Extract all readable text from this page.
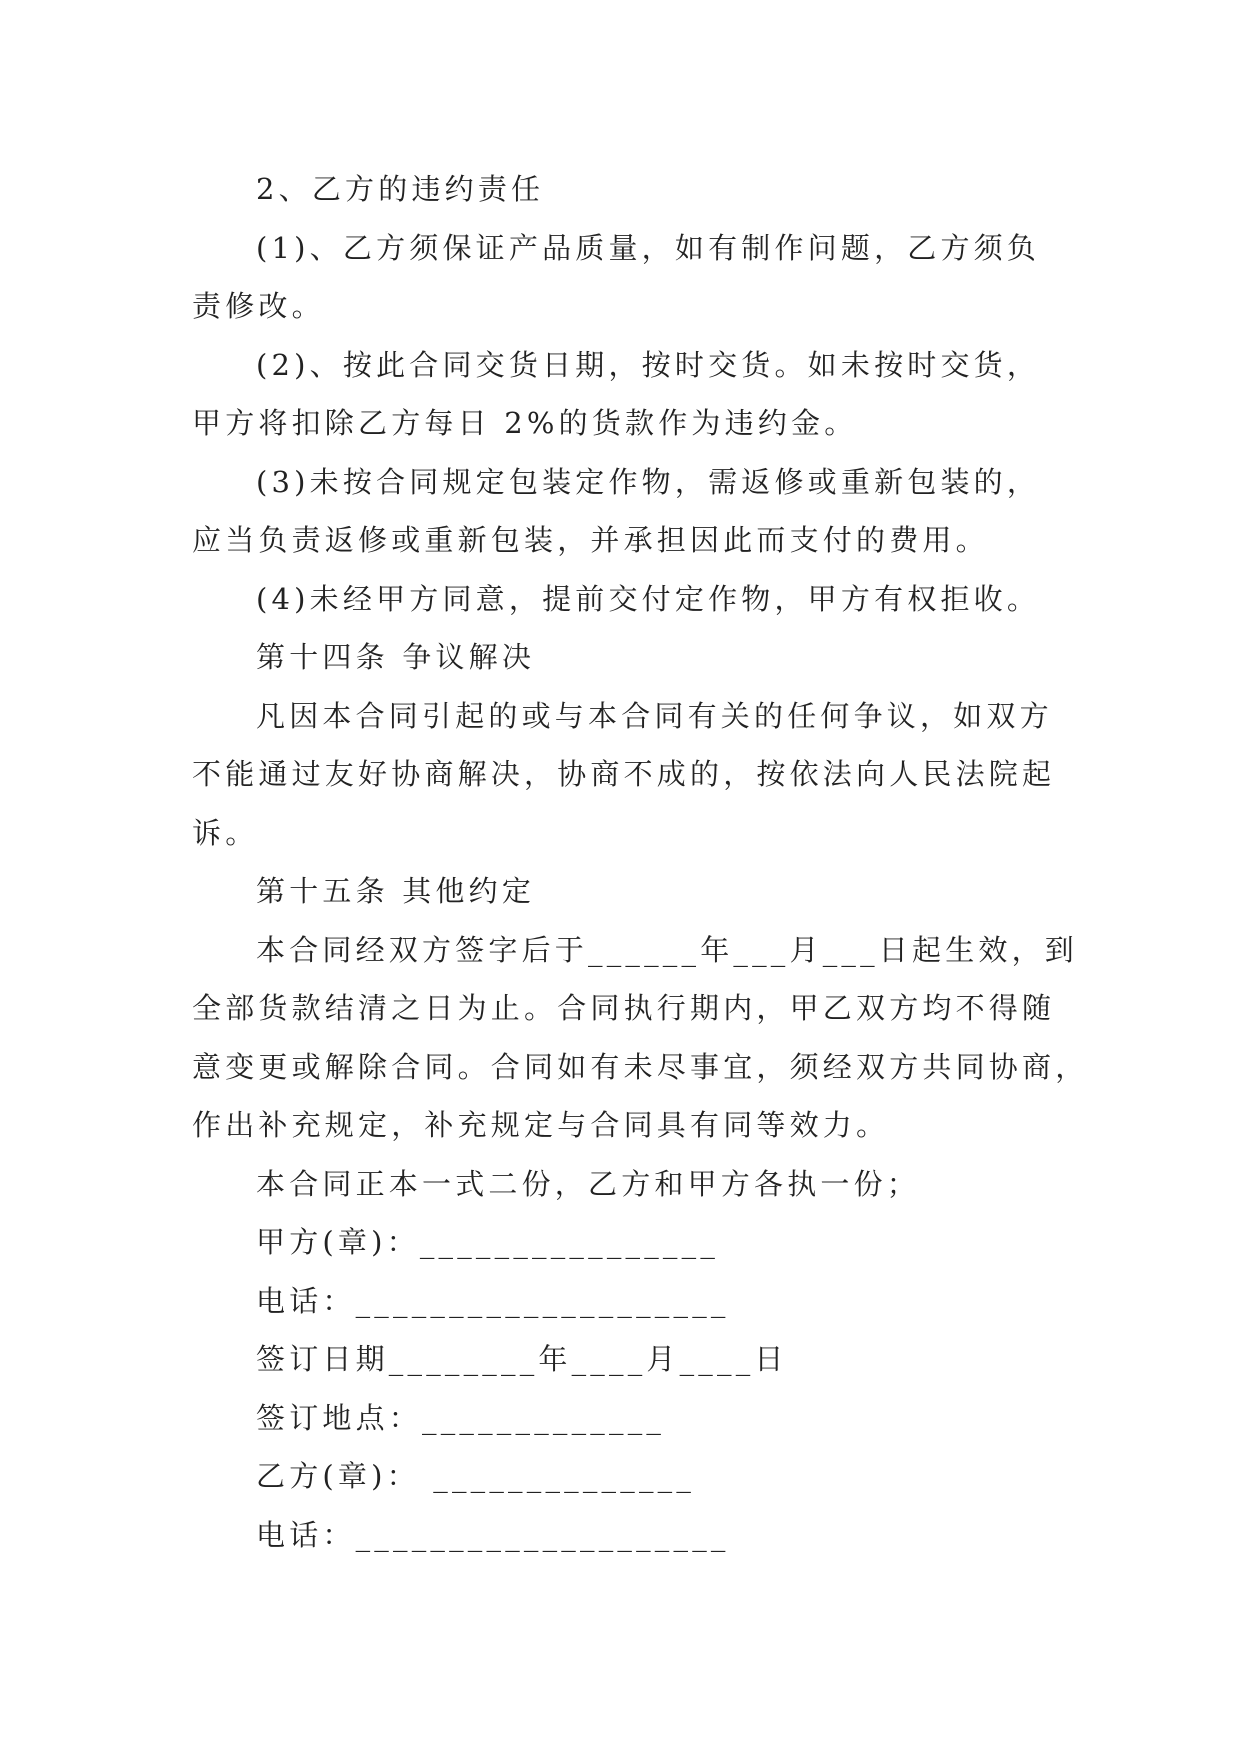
2、乙方的违约责任
(1)、乙方须保证产品质量，如有制作问题，乙方须负
责修改。
(2)、按此合同交货日期，按时交货。如未按时交货，
甲方将扣除乙方每日 2%的货款作为违约金。
(3)未按合同规定包装定作物，需返修或重新包装的，
应当负责返修或重新包装，并承担因此而支付的费用。
(4)未经甲方同意，提前交付定作物，甲方有权拒收。
第十四条 争议解决
凡因本合同引起的或与本合同有关的任何争议，如双方
不能通过友好协商解决，协商不成的，按依法向人民法院起
诉。
第十五条 其他约定
本合同经双方签字后于______年___月___日起生效，到
全部货款结清之日为止。合同执行期内，甲乙双方均不得随
意变更或解除合同。合同如有未尽事宜，须经双方共同协商，
作出补充规定，补充规定与合同具有同等效力。
本合同正本一式二份，乙方和甲方各执一份；
甲方(章)：________________
电话：____________________
签订日期________年____月____日
签订地点：_____________
乙方(章)： ______________
电话：____________________
